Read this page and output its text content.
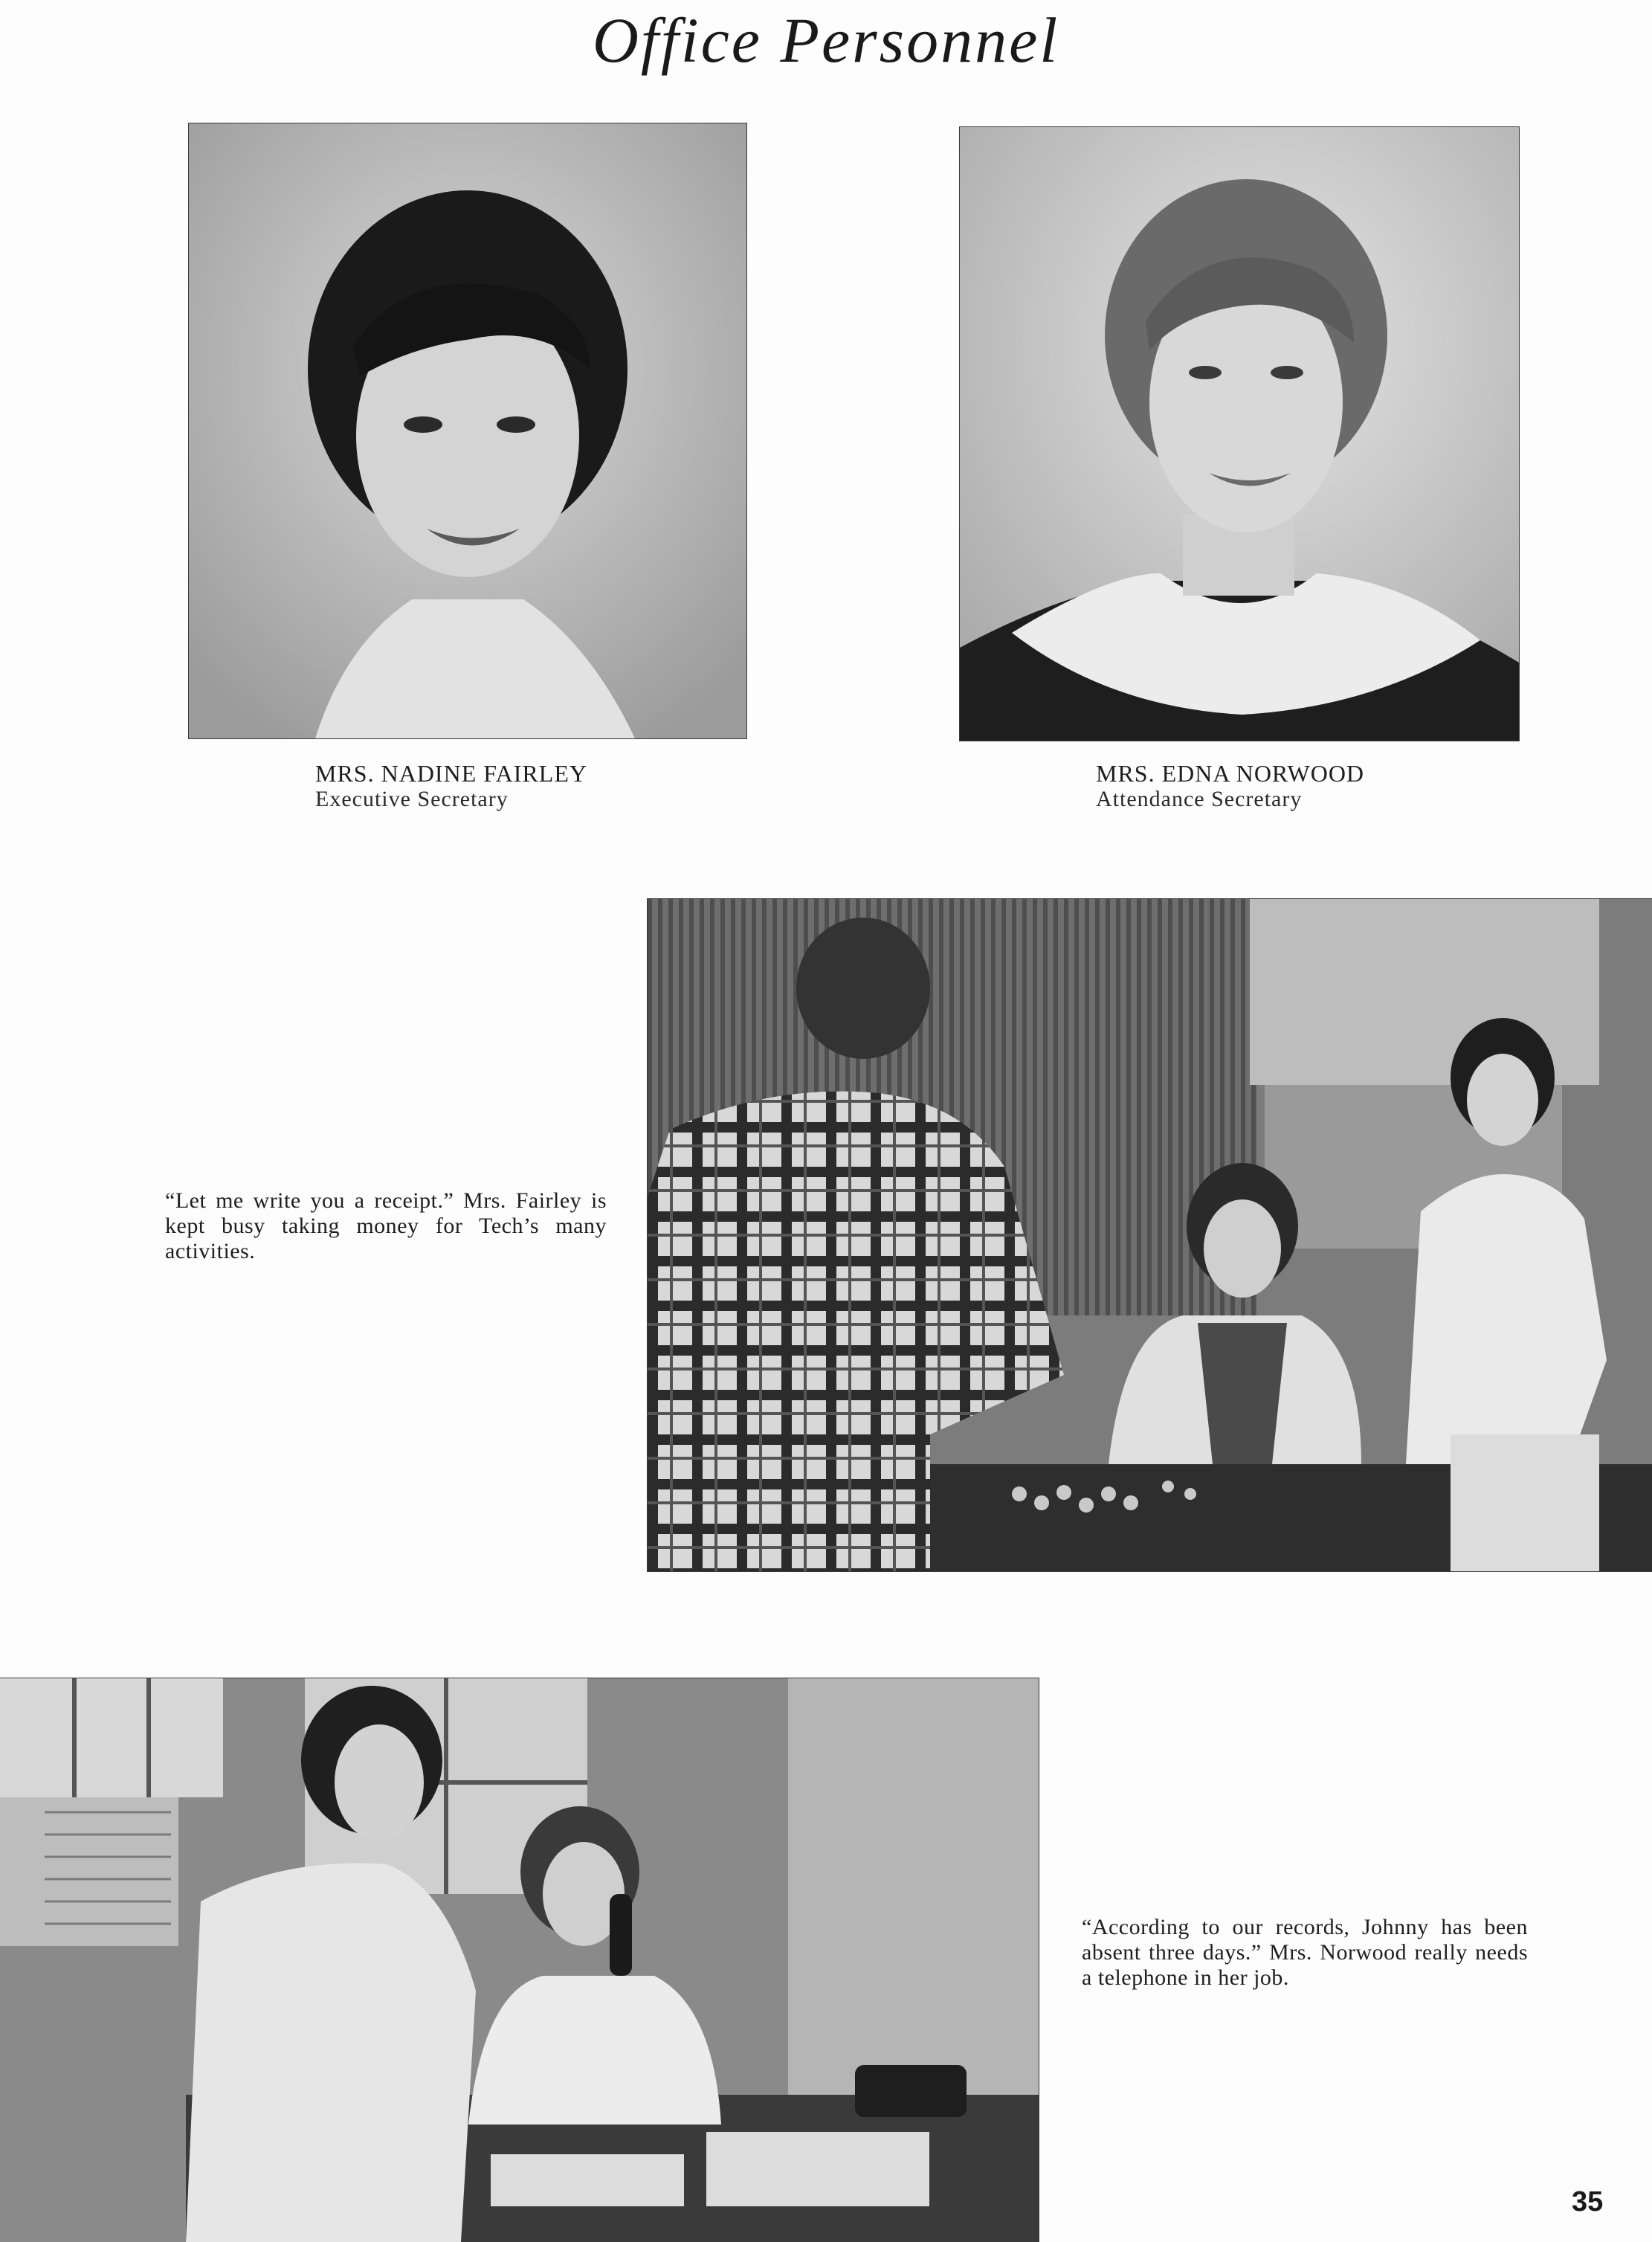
Office Personnel
MRS. NADINE FAIRLEY
Executive Secretary
MRS. EDNA NORWOOD
Attendance Secretary
“Let me write you a receipt.” Mrs. Fairley is kept busy taking money for Tech’s many activities.
“According to our records, Johnny has been absent three days.” Mrs. Norwood really needs a telephone in her job.
35
